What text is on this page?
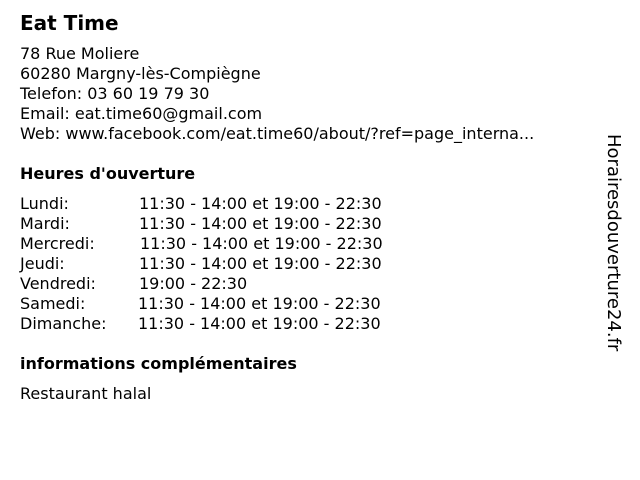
Eat Time
78 Rue Moliere
60280 Margny-lès-Compiègne
Telefon: 03 60 19 79 30
Email: eat.time60@gmail.com
Web: www.facebook.com/eat.time60/about/?ref=page_interna...
Heures d'ouverture
Lundi:	11:30 - 14:00 et 19:00 - 22:30
Mardi:	11:30 - 14:00 et 19:00 - 22:30
Mercredi:	11:30 - 14:00 et 19:00 - 22:30
Jeudi:	11:30 - 14:00 et 19:00 - 22:30
Vendredi:	19:00 - 22:30
Samedi:	11:30 - 14:00 et 19:00 - 22:30
Dimanche: 11:30 - 14:00 et 19:00 - 22:30
informations complémentaires
Restaurant halal
Horairesdouverture24.fr
